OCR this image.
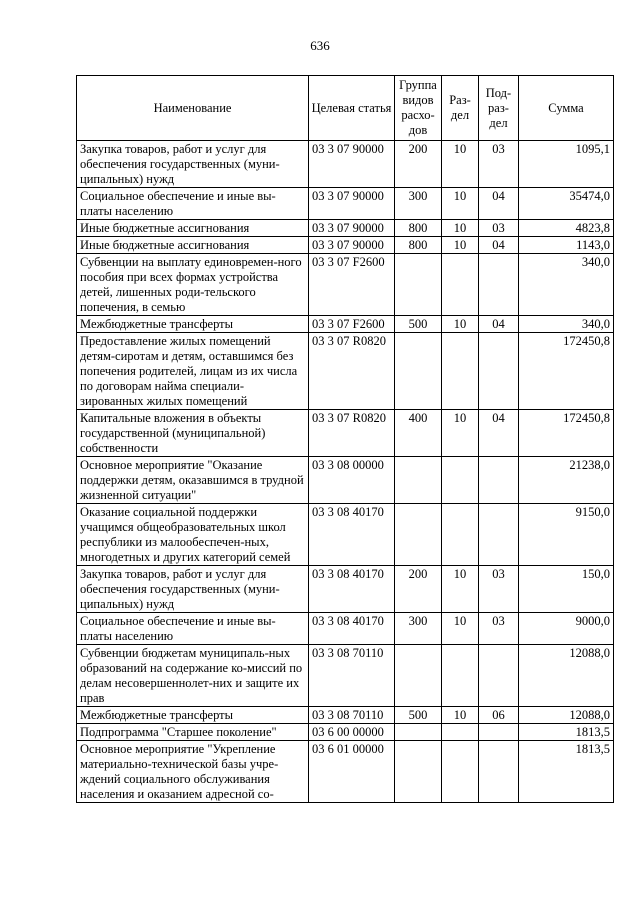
636
Наименование	Целевая статья	Группа видов расхо-дов	Раз-дел	Под-раз-дел	Сумма
Закупка товаров, работ и услуг для обеспечения государственных (муни-ципальных) нужд	03 3 07 90000	200	10	03	1095,1
Социальное обеспечение и иные вы-платы населению	03 3 07 90000	300	10	04	35474,0
Иные бюджетные ассигнования	03 3 07 90000	800	10	03	4823,8
Иные бюджетные ассигнования	03 3 07 90000	800	10	04	1143,0
Субвенции на выплату единовремен-ного пособия при всех формах устройства детей, лишенных роди-тельского попечения, в семью	03 3 07 F2600				340,0
Межбюджетные трансферты	03 3 07 F2600	500	10	04	340,0
Предоставление жилых помещений детям-сиротам и детям, оставшимся без попечения родителей, лицам из их числа по договорам найма специали-зированных жилых помещений	03 3 07 R0820				172450,8
Капитальные вложения в объекты государственной (муниципальной) собственности	03 3 07 R0820	400	10	04	172450,8
Основное мероприятие "Оказание поддержки детям, оказавшимся в трудной жизненной ситуации"	03 3 08 00000				21238,0
Оказание социальной поддержки учащимся общеобразовательных школ республики из малообеспечен-ных, многодетных и других категорий семей	03 3 08 40170				9150,0
Закупка товаров, работ и услуг для обеспечения государственных (муни-ципальных) нужд	03 3 08 40170	200	10	03	150,0
Социальное обеспечение и иные вы-платы населению	03 3 08 40170	300	10	03	9000,0
Субвенции бюджетам муниципаль-ных образований на содержание ко-миссий по делам несовершеннолет-них и защите их прав	03 3 08 70110				12088,0
Межбюджетные трансферты	03 3 08 70110	500	10	06	12088,0
Подпрограмма "Старшее поколение"	03 6 00 00000				1813,5
Основное мероприятие "Укрепление материально-технической базы учре-ждений социального обслуживания населения и оказанием адресной со-	03 6 01 00000				1813,5
